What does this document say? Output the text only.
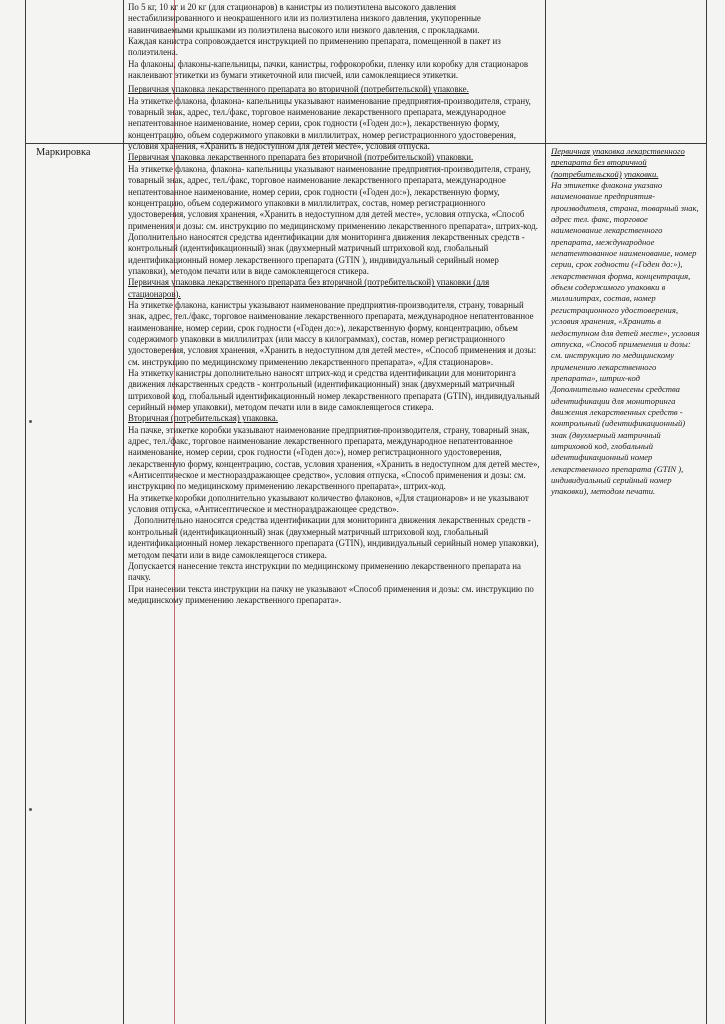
Маркировка

По 5 кг, 10 кг и 20 кг (для стационаров) в канистры из полиэтилена высокого давления нестабилизированного и неокрашенного или из полиэтилена низкого давления, укупоренные навинчиваемыми крышками из полиэтилена высокого или низкого давления, с прокладками.

Каждая канистра сопровождается инструкцией по применению препарата, помещенной в пакет из полиэтилена.

На флаконы, флаконы-капельницы, пачки, канистры, гофрокоробки, пленку или коробку для стационаров наклеивают этикетки из бумаги этикеточной или писчей, или самоклеящиеся этикетки.

Первичная упаковка лекарственного препарата во вторичной (потребительской) упаковке.

На этикетке флакона, флакона- капельницы указывают наименование предприятия-производителя, страну, товарный знак, адрес, тел./факс, торговое наименование лекарственного препарата, международное непатентованное наименование, номер серии, срок годности («Годен до:»), лекарственную форму, концентрацию, объем содержимого упаковки в миллилитрах, номер регистрационного удостоверения, условия хранения, «Хранить в недоступном для детей месте», условия отпуска.

Первичная упаковка лекарственного препарата без вторичной (потребительской) упаковки.

На этикетке флакона, флакона- капельницы указывают наименование предприятия-производителя, страну, товарный знак, адрес, тел./факс, торговое наименование лекарственного препарата, международное непатентованное наименование, номер серии, срок годности («Годен до:»), лекарственную форму, концентрацию, объем содержимого упаковки в миллилитрах, состав, номер регистрационного удостоверения, условия хранения, «Хранить в недоступном для детей месте», условия отпуска, «Способ применения и дозы: см. инструкцию по медицинскому применению лекарственного препарата», штрих-код.

Дополнительно наносятся средства идентификации для мониторинга движения лекарственных средств - контрольный (идентификационный) знак (двухмерный матричный штриховой код, глобальный идентификационный номер лекарственного препарата (GTIN ), индивидуальный серийный номер упаковки), методом печати или в виде самоклеящегося стикера.

Первичная упаковка лекарственного препарата без вторичной (потребительской) упаковки (для стационаров).

На этикетке флакона, канистры указывают наименование предприятия-производителя, страну, товарный знак, адрес, тел./факс, торговое наименование лекарственного препарата, международное непатентованное наименование, номер серии, срок годности («Годен до:»), лекарственную форму, концентрацию, объем содержимого упаковки в миллилитрах (или массу в килограммах), состав, номер регистрационного удостоверения, условия хранения, «Хранить в недоступном для детей месте», «Способ применения и дозы: см. инструкцию по медицинскому применению лекарственного препарата», «Для стационаров».

На этикетку канистры дополнительно наносят штрих-код и средства идентификации для мониторинга движения лекарственных средств - контрольный (идентификационный) знак (двухмерный матричный штриховой код, глобальный идентификационный номер лекарственного препарата (GTIN), индивидуальный серийный номер упаковки), методом печати или в виде самоклеящегося стикера.

Вторичная (потребительская) упаковка.

На пачке, этикетке коробки указывают наименование предприятия-производителя, страну, товарный знак, адрес, тел./факс, торговое наименование лекарственного препарата, международное непатентованное наименование, номер серии, срок годности («Годен до:»), номер регистрационного удостоверения, лекарственную форму, концентрацию, состав, условия хранения, «Хранить в недоступном для детей месте», «Антисептическое и местнораздражающее средство», условия отпуска, «Способ применения и дозы: см. инструкцию по медицинскому применению лекарственного препарата», штрих-код.

На этикетке коробки дополнительно указывают количество флаконов, «Для стационаров» и не указывают условия отпуска, «Антисептическое и местнораздражающее средство».

Дополнительно наносятся средства идентификации для мониторинга движения лекарственных средств - контрольный (идентификационный) знак (двухмерный матричный штриховой код, глобальный идентификационный номер лекарственного препарата (GTIN), индивидуальный серийный номер упаковки), методом печати или в виде самоклеящегося стикера.

Допускается нанесение текста инструкции по медицинскому применению лекарственного препарата на пачку.

При нанесении текста инструкции на пачку не указывают «Способ применения и дозы: см. инструкцию по медицинскому применению лекарственного препарата».

Первичная упаковка лекарственного препарата без вторичной (потребительской) упаковки.

На этикетке флакона указано наименование предприятия-производителя, страна, товарный знак, адрес тел. факс, торговое наименование лекарственного препарата, международное непатентованное наименование, номер серии, срок годности («Годен до:»), лекарственная форма, концентрация, объем содержимого упаковки в миллилитрах, состав, номер регистрационного удостоверения, условия хранения, «Хранить в недоступном для детей месте», условия отпуска, «Способ применения и дозы: см. инструкцию по медицинскому применению лекарственного препарата», штрих-код

Дополнительно нанесены средства идентификации для мониторинга движения лекарственных средств - контрольный (идентификационный) знак (двухмерный матричный штриховой код, глобальный идентификационный номер лекарственного препарата (GTIN ), индивидуальный серийный номер упаковки), методом печати.
